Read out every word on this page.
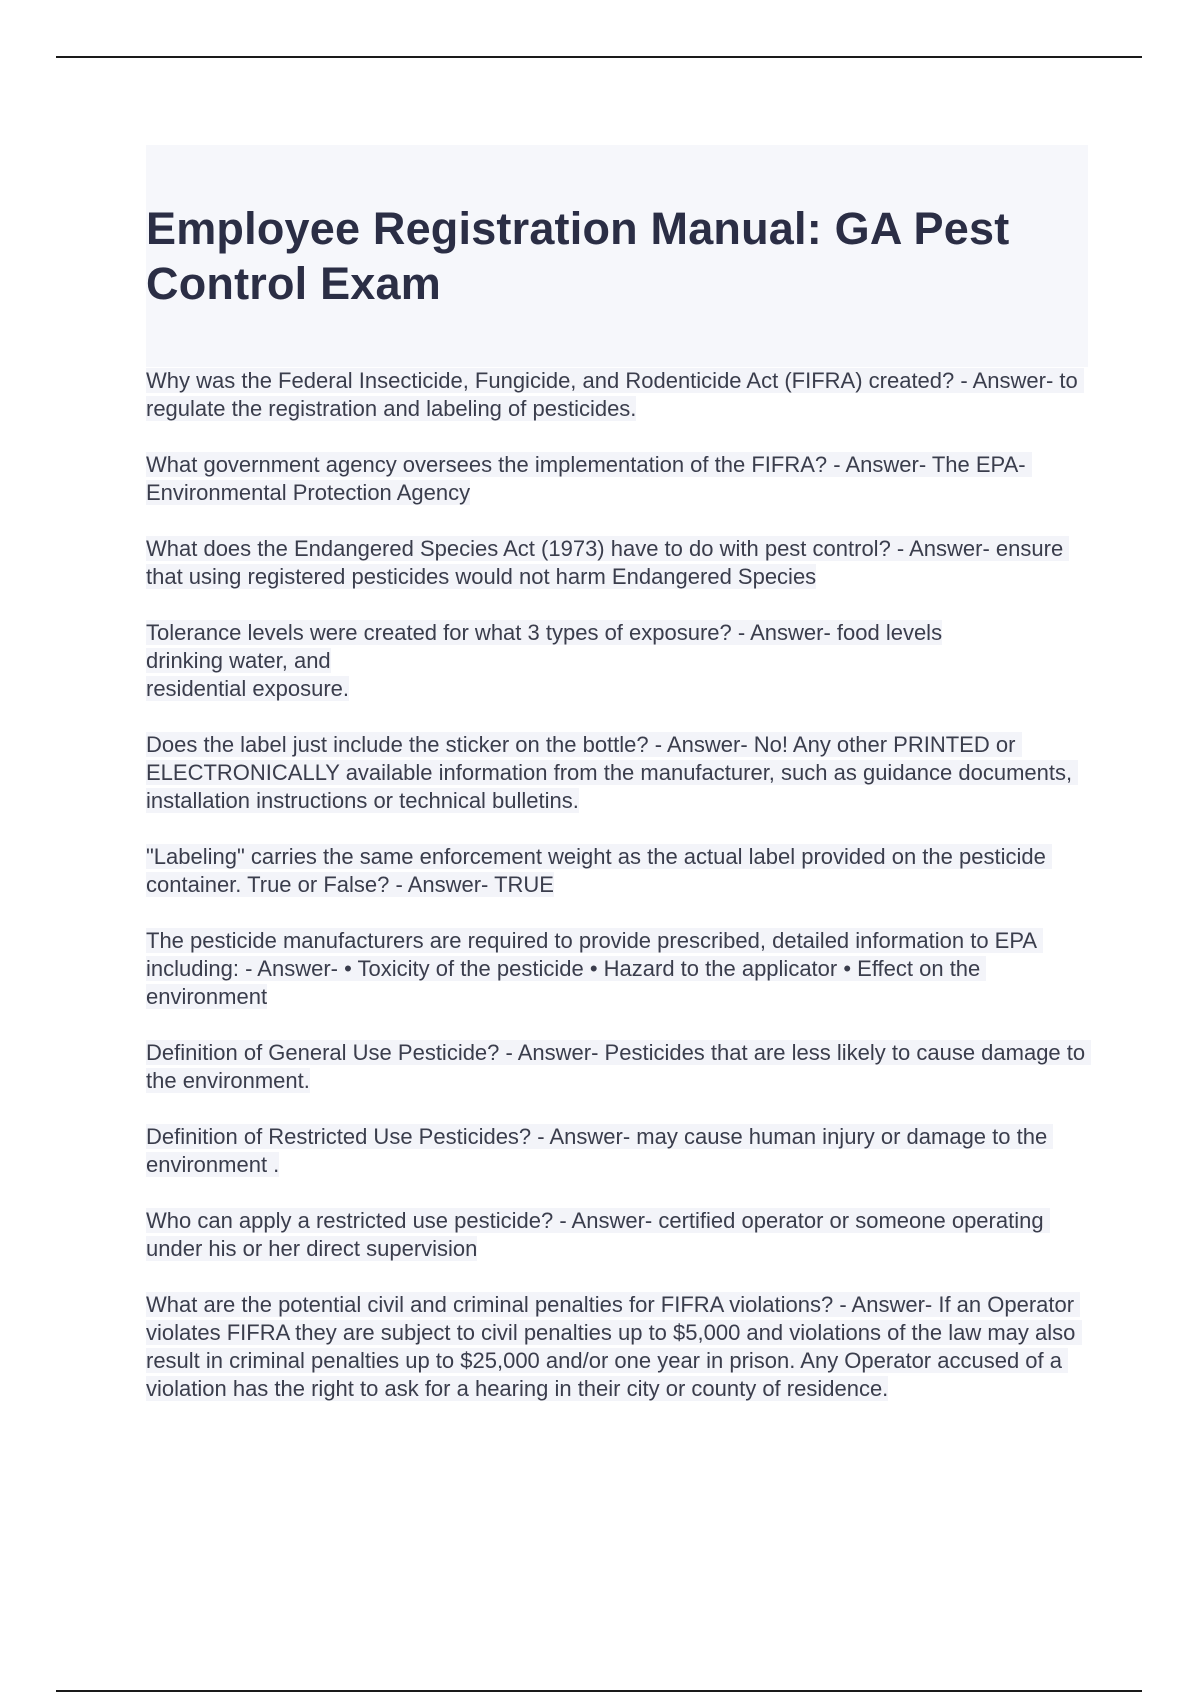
Employee Registration Manual: GA Pest Control Exam

Why was the Federal Insecticide, Fungicide, and Rodenticide Act (FIFRA) created? - Answer- to regulate the registration and labeling of pesticides.

What government agency oversees the implementation of the FIFRA? - Answer- The EPA- Environmental Protection Agency

What does the Endangered Species Act (1973) have to do with pest control? - Answer- ensure that using registered pesticides would not harm Endangered Species

Tolerance levels were created for what 3 types of exposure? - Answer- food levels
drinking water, and
residential exposure.

Does the label just include the sticker on the bottle? - Answer- No! Any other PRINTED or ELECTRONICALLY available information from the manufacturer, such as guidance documents, installation instructions or technical bulletins.

"Labeling" carries the same enforcement weight as the actual label provided on the pesticide container. True or False? - Answer- TRUE

The pesticide manufacturers are required to provide prescribed, detailed information to EPA including: - Answer- • Toxicity of the pesticide • Hazard to the applicator • Effect on the environment

Definition of General Use Pesticide? - Answer- Pesticides that are less likely to cause damage to the environment.

Definition of Restricted Use Pesticides? - Answer- may cause human injury or damage to the environment .

Who can apply a restricted use pesticide? - Answer- certified operator or someone operating under his or her direct supervision

What are the potential civil and criminal penalties for FIFRA violations? - Answer- If an Operator violates FIFRA they are subject to civil penalties up to $5,000 and violations of the law may also result in criminal penalties up to $25,000 and/or one year in prison. Any Operator accused of a violation has the right to ask for a hearing in their city or county of residence.
